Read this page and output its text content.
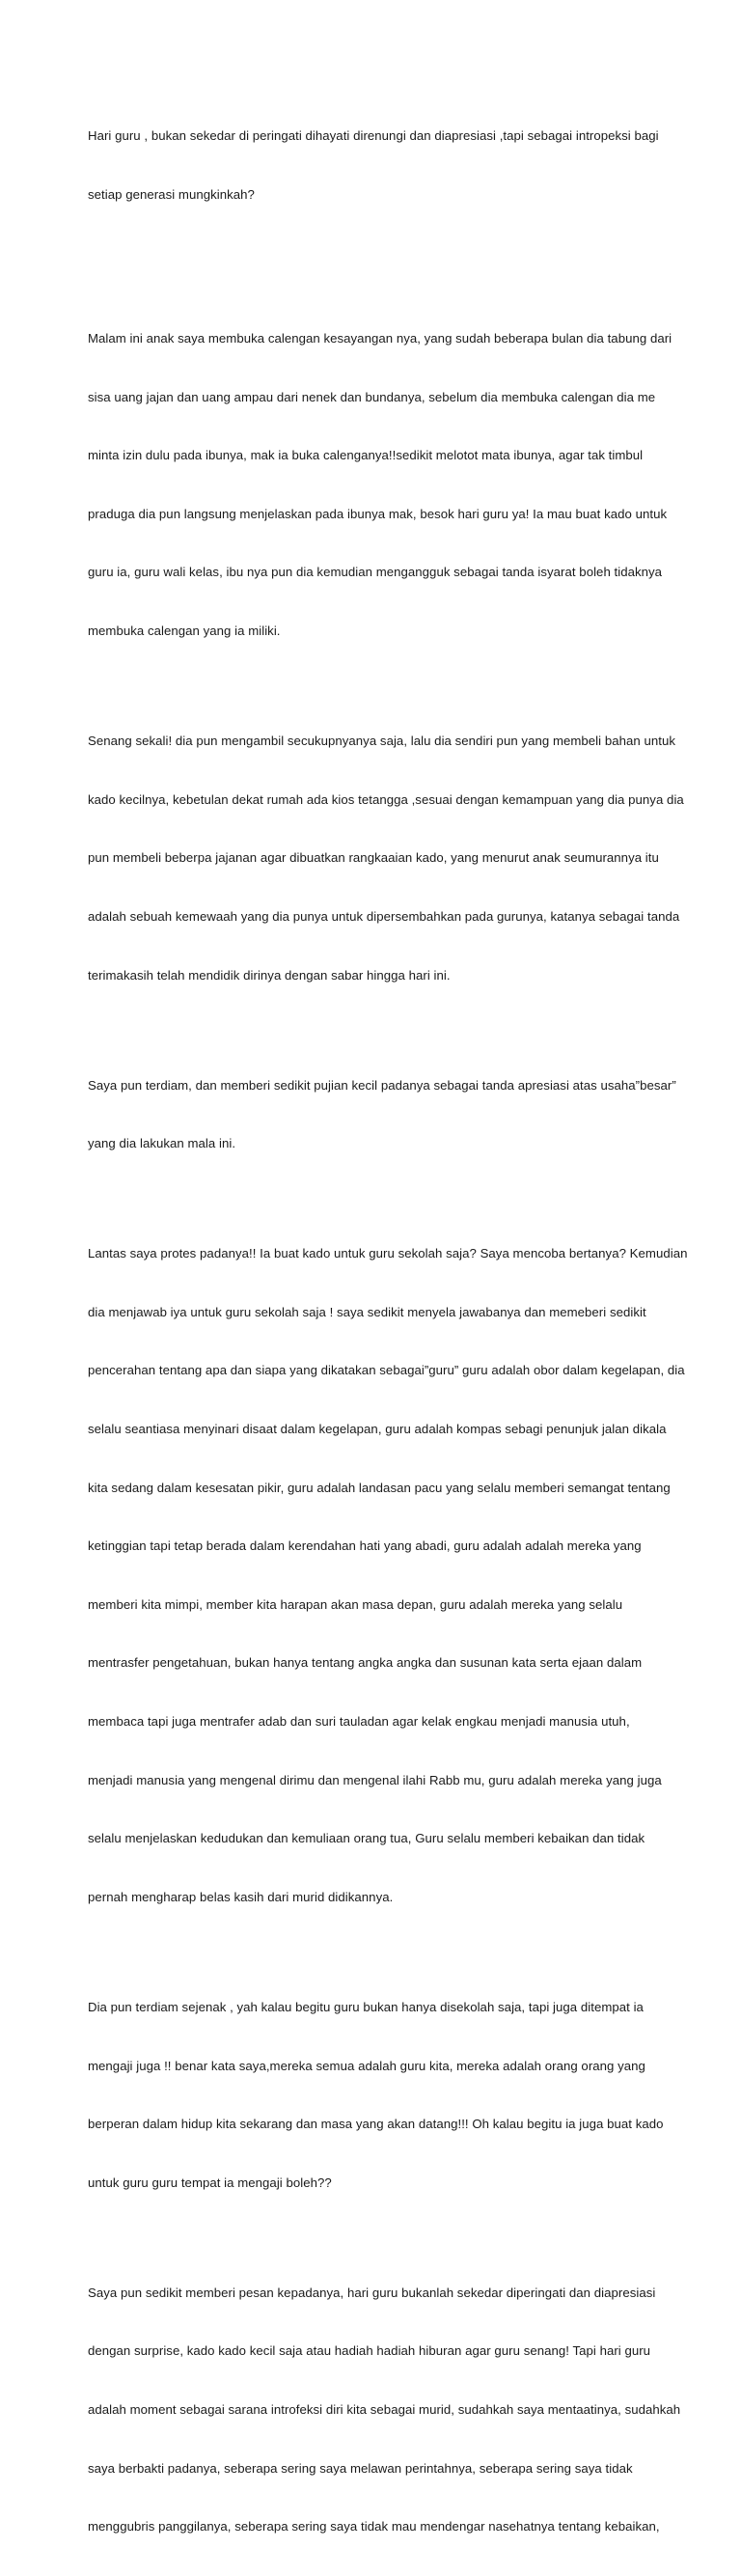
Hari guru , bukan sekedar di peringati dihayati direnungi dan diapresiasi ,tapi sebagai intropeksi bagi

setiap generasi mungkinkah?

Malam ini anak saya membuka calengan kesayangan nya, yang sudah beberapa bulan dia tabung dari

sisa uang jajan dan uang ampau dari nenek dan bundanya, sebelum dia membuka calengan dia me

minta izin dulu pada ibunya, mak ia buka calenganya!!sedikit melotot mata ibunya, agar tak timbul

praduga dia pun langsung menjelaskan pada ibunya mak, besok hari guru ya! Ia mau buat kado untuk

guru ia, guru wali kelas, ibu nya pun dia kemudian mengangguk sebagai tanda isyarat boleh tidaknya

membuka calengan yang ia miliki.

Senang sekali! dia pun mengambil secukupnyanya saja, lalu dia sendiri pun yang membeli bahan untuk

kado kecilnya, kebetulan dekat rumah ada kios tetangga ,sesuai dengan kemampuan yang dia punya dia

pun membeli beberpa jajanan agar dibuatkan rangkaaian kado, yang menurut anak seumurannya itu

adalah sebuah kemewaah yang dia punya untuk dipersembahkan pada gurunya, katanya sebagai tanda

terimakasih telah mendidik dirinya dengan sabar hingga hari ini.

Saya pun terdiam, dan memberi sedikit pujian kecil padanya sebagai tanda apresiasi atas usaha”besar”

yang dia lakukan mala ini.

Lantas saya protes padanya!! Ia buat kado untuk guru sekolah saja? Saya mencoba bertanya? Kemudian

dia menjawab iya untuk guru sekolah saja ! saya sedikit menyela jawabanya dan memeberi sedikit

pencerahan tentang apa dan siapa yang dikatakan sebagai”guru” guru adalah obor dalam kegelapan, dia

selalu seantiasa menyinari disaat dalam kegelapan, guru adalah kompas sebagi penunjuk jalan dikala

kita sedang dalam kesesatan pikir, guru adalah landasan pacu yang selalu memberi semangat tentang

ketinggian tapi tetap berada dalam kerendahan hati yang abadi, guru adalah adalah mereka yang

memberi kita mimpi, member kita harapan akan masa depan, guru adalah mereka yang selalu

mentrasfer pengetahuan, bukan hanya tentang angka angka dan susunan kata serta ejaan dalam

membaca tapi juga mentrafer adab dan suri tauladan agar kelak engkau menjadi manusia utuh,

menjadi manusia yang mengenal dirimu dan mengenal ilahi Rabb mu, guru adalah mereka yang juga

selalu menjelaskan kedudukan dan kemuliaan orang tua, Guru selalu memberi kebaikan dan tidak

pernah mengharap belas kasih dari murid didikannya.

Dia pun terdiam sejenak , yah kalau begitu guru bukan hanya disekolah saja, tapi juga ditempat ia

mengaji juga !! benar kata saya,mereka semua adalah guru kita, mereka adalah orang orang yang

berperan dalam hidup kita sekarang dan masa yang akan datang!!! Oh kalau begitu ia juga buat kado

untuk guru guru tempat ia mengaji boleh??

Saya pun sedikit memberi pesan kepadanya, hari guru bukanlah sekedar diperingati dan diapresiasi

dengan surprise, kado kado kecil saja atau hadiah hadiah hiburan agar guru senang! Tapi hari guru

adalah moment sebagai sarana introfeksi diri kita sebagai murid, sudahkah saya mentaatinya, sudahkah

saya berbakti padanya, seberapa sering saya melawan perintahnya, seberapa sering saya tidak

menggubris panggilanya, seberapa sering saya tidak mau mendengar nasehatnya tentang kebaikan,
